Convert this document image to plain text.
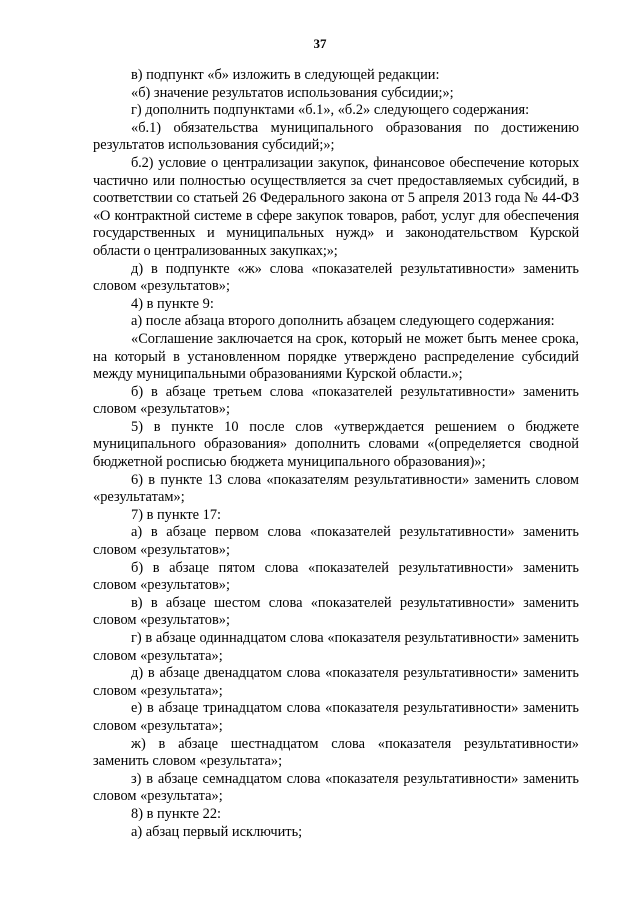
37

в) подпункт «б» изложить в следующей редакции:

«б) значение результатов использования субсидии;»;

г) дополнить подпунктами «б.1», «б.2» следующего содержания:

«б.1) обязательства муниципального образования по достижению результатов использования субсидий;»;

б.2) условие о централизации закупок, финансовое обеспечение которых частично или полностью осуществляется за счет предоставляемых субсидий, в соответствии со статьей 26 Федерального закона от 5 апреля 2013 года № 44-ФЗ «О контрактной системе в сфере закупок товаров, работ, услуг для обеспечения государственных и муниципальных нужд» и законодательством Курской области о централизованных закупках;»;

д) в подпункте «ж» слова «показателей результативности» заменить словом «результатов»;

4) в пункте 9:

а) после абзаца второго дополнить абзацем следующего содержания:

«Соглашение заключается на срок, который не может быть менее срока, на который в установленном порядке утверждено распределение субсидий между муниципальными образованиями Курской области.»;

б) в абзаце третьем слова «показателей результативности» заменить словом «результатов»;

5) в пункте 10 после слов «утверждается решением о бюджете муниципального образования» дополнить словами «(определяется сводной бюджетной росписью бюджета муниципального образования)»;

6) в пункте 13 слова «показателям результативности» заменить словом «результатам»;

7) в пункте 17:

а) в абзаце первом слова «показателей результативности» заменить словом «результатов»;

б) в абзаце пятом слова «показателей результативности» заменить словом «результатов»;

в) в абзаце шестом слова «показателей результативности» заменить словом «результатов»;

г) в абзаце одиннадцатом слова «показателя результативности» заменить словом «результата»;

д) в абзаце двенадцатом слова «показателя результативности» заменить словом «результата»;

е) в абзаце тринадцатом слова «показателя результативности» заменить словом «результата»;

ж) в абзаце шестнадцатом слова «показателя результативности» заменить словом «результата»;

з) в абзаце семнадцатом слова «показателя результативности» заменить словом «результата»;

8) в пункте 22:

а) абзац первый исключить;
